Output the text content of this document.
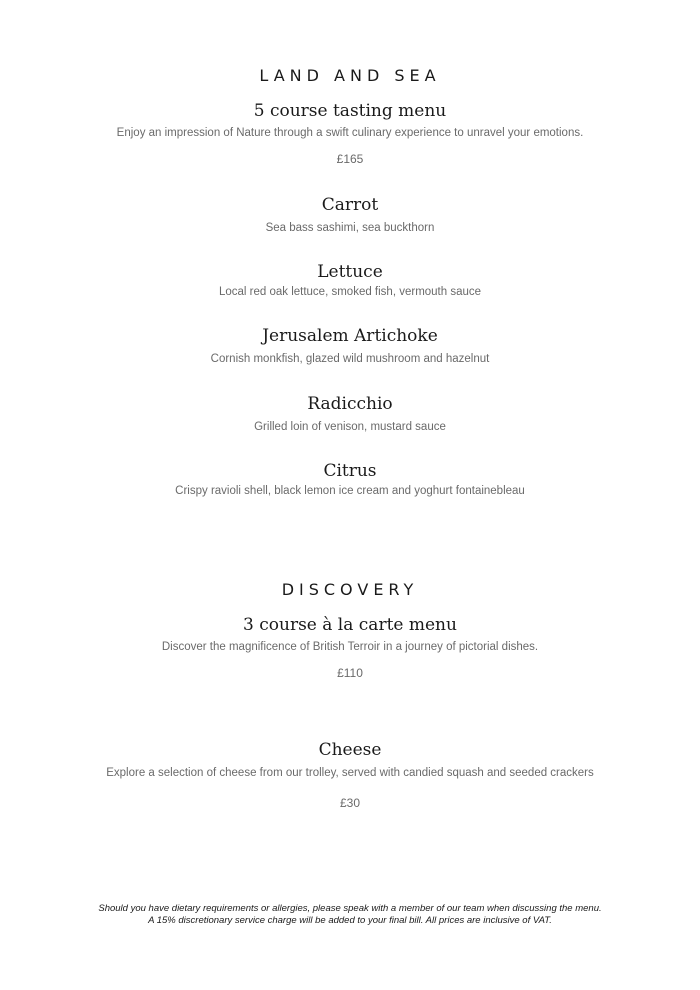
LAND AND SEA
5 course tasting menu
Enjoy an impression of Nature through a swift culinary experience to unravel your emotions.
£165
Carrot
Sea bass sashimi, sea buckthorn
Lettuce
Local red oak lettuce, smoked fish, vermouth sauce
Jerusalem Artichoke
Cornish monkfish, glazed wild mushroom and hazelnut
Radicchio
Grilled loin of venison, mustard sauce
Citrus
Crispy ravioli shell, black lemon ice cream and yoghurt fontainebleau
DISCOVERY
3 course à la carte menu
Discover the magnificence of British Terroir in a journey of pictorial dishes.
£110
Cheese
Explore a selection of cheese from our trolley, served with candied squash and seeded crackers
£30
Should you have dietary requirements or allergies, please speak with a member of our team when discussing the menu.
A 15% discretionary service charge will be added to your final bill. All prices are inclusive of VAT.
